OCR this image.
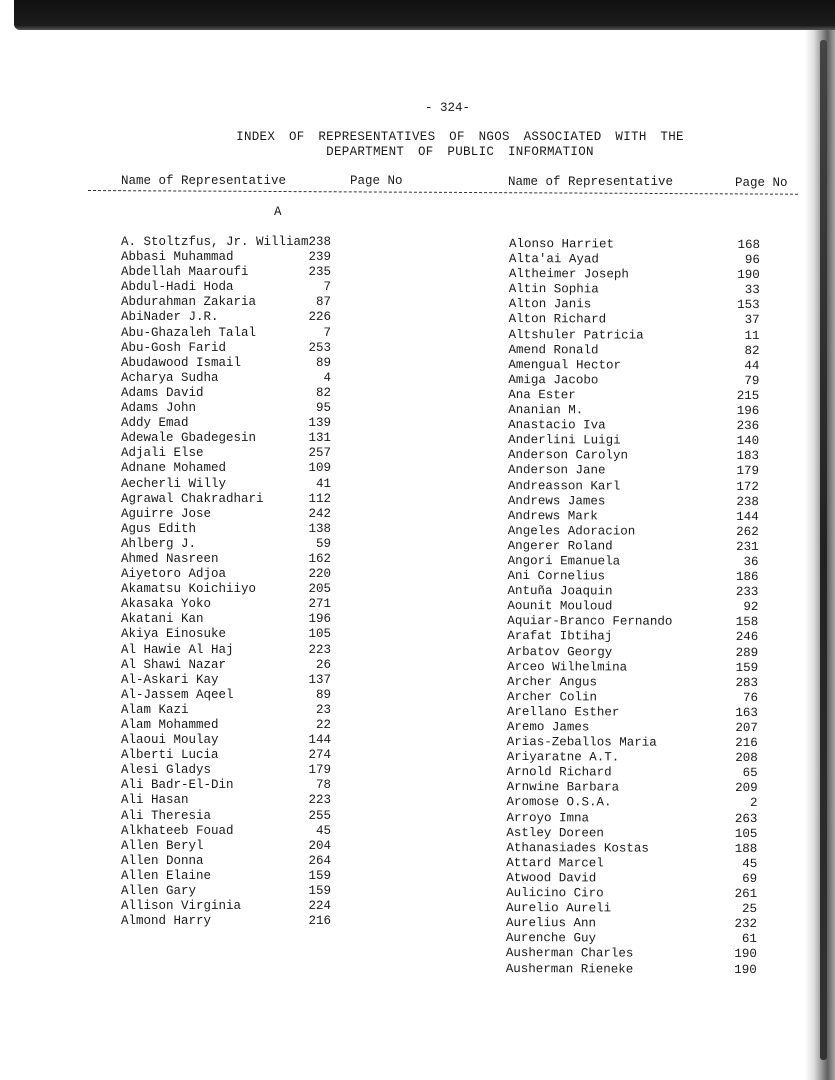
- 324-
INDEX OF REPRESENTATIVES OF NGOS ASSOCIATED WITH THE
DEPARTMENT OF PUBLIC INFORMATION
Name of Representative	Page No	Name of Representative	Page No
A
A. Stoltzfus, Jr. William 238
Abbasi Muhammad	239
Abdellah Maaroufi	235
Abdul-Hadi Hoda	7
Abdurahman Zakaria	87
AbiNader J.R.	226
Abu-Ghazaleh Talal	7
Abu-Gosh Farid	253
Abudawood Ismail	89
Acharya Sudha	4
Adams David	82
Adams John	95
Addy Emad	139
Adewale Gbadegesin	131
Adjali Else	257
Adnane Mohamed	109
Aecherli Willy	41
Agrawal Chakradhari	112
Aguirre Jose	242
Agus Edith	138
Ahlberg J.	59
Ahmed Nasreen	162
Aiyetoro Adjoa	220
Akamatsu Koichiiyo	205
Akasaka Yoko	271
Akatani Kan	196
Akiya Einosuke	105
Al Hawie Al Haj	223
Al Shawi Nazar	26
Al-Askari Kay	137
Al-Jassem Aqeel	89
Alam Kazi	23
Alam Mohammed	22
Alaoui Moulay	144
Alberti Lucia	274
Alesi Gladys	179
Ali Badr-El-Din	78
Ali Hasan	223
Ali Theresia	255
Alkhateeb Fouad	45
Allen Beryl	204
Allen Donna	264
Allen Elaine	159
Allen Gary	159
Allison Virginia	224
Almond Harry	216
Alonso Harriet	168
Alta'ai Ayad	96
Altheimer Joseph	190
Altin Sophia	33
Alton Janis	153
Alton Richard	37
Altshuler Patricia	11
Amend Ronald	82
Amengual Hector	44
Amiga Jacobo	79
Ana Ester	215
Ananian M.	196
Anastacio Iva	236
Anderlini Luigi	140
Anderson Carolyn	183
Anderson Jane	179
Andreasson Karl	172
Andrews James	238
Andrews Mark	144
Angeles Adoracion	262
Angerer Roland	231
Angori Emanuela	36
Ani Cornelius	186
Antuña Joaquin	233
Aounit Mouloud	92
Aquiar-Branco Fernando	158
Arafat Ibtihaj	246
Arbatov Georgy	289
Arceo Wilhelmina	159
Archer Angus	283
Archer Colin	76
Arellano Esther	163
Aremo James	207
Arias-Zeballos Maria	216
Ariyaratne A.T.	208
Arnold Richard	65
Arnwine Barbara	209
Aromose O.S.A.	2
Arroyo Imna	263
Astley Doreen	105
Athanasiades Kostas	188
Attard Marcel	45
Atwood David	69
Aulicino Ciro	261
Aurelio Aureli	25
Aurelius Ann	232
Aurenche Guy	61
Ausherman Charles	190
Ausherman Rieneke	190
